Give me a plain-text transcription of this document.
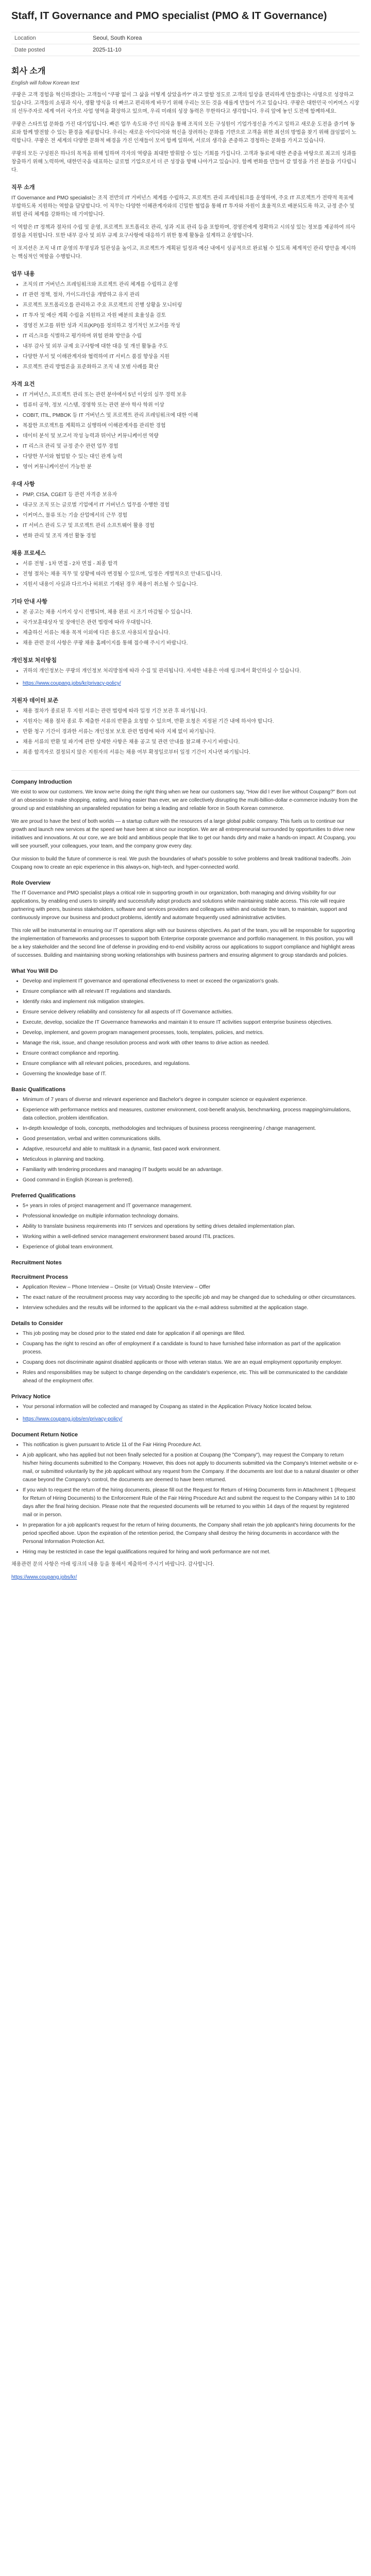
Staff, IT Governance and PMO specialist (PMO & IT Governance)
Location	Seoul, South Korea
Date posted	2025-11-10
회사 소개
English will follow Korean text

쿠팡은 고객 경험을 혁신하겠다는 고객들이 "쿠팡 없이 그 삶을 어떻게 살았을까?" 라고 말할 정도로 고객의 일상을 편리하게 만들겠다는 사명으로 성장하고 있습니다. 고객들의 쇼핑과 식사, 생활 방식을 더 빠르고 편리하게 바꾸기 위해 우리는 모든 것을 새롭게 만들어 가고 있습니다. 쿠팡은 대한민국 이커머스 시장의 선두주자로 세계 여러 국가로 사업 영역을 확장하고 있으며, 우리 미래의 성장 동력은 무한하다고 생각합니다. 우리 앞에 놓인 도전에 함께하세요.

쿠팡은 스타트업 문화를 가진 대기업입니다. 빠른 업무 속도와 주인 의식을 통해 조직의 모든 구성원이 기업가정신을 가지고 일하고 새로운 도전을 즐기며 동료와 함께 발전할 수 있는 환경을 제공합니다. 우리는 새로운 아이디어와 혁신을 장려하는 문화를 기반으로 고객을 위한 최선의 방법을 찾기 위해 끊임없이 노력합니다. 쿠팡은 전 세계의 다양한 문화적 배경을 가진 인재들이 모여 함께 일하며, 서로의 생각을 존중하고 경청하는 문화를 가지고 있습니다.

쿠팡의 모든 구성원은 하나의 목적을 위해 일하며 각자의 역량을 최대한 발휘할 수 있는 기회를 가집니다. 고객과 동료에 대한 존중을 바탕으로 최고의 성과를 창출하기 위해 노력하며, 대한민국을 대표하는 글로벌 기업으로서 더 큰 성장을 향해 나아가고 있습니다. 함께 변화를 만들어 갈 열정을 가진 분들을 기다립니다.

직무 소개

IT Governance and PMO specialist는 조직 전반의 IT 거버넌스 체계를 수립하고, 프로젝트 관리 프레임워크를 운영하며, 주요 IT 프로젝트가 전략적 목표에 부합하도록 지원하는 역할을 담당합니다. 이 직무는 다양한 이해관계자와의 긴밀한 협업을 통해 IT 투자와 자원이 효율적으로 배분되도록 하고, 규정 준수 및 위험 관리 체계를 강화하는 데 기여합니다.

이 역할은 IT 정책과 절차의 수립 및 운영, 프로젝트 포트폴리오 관리, 성과 지표 관리 등을 포함하며, 경영진에게 정확하고 시의성 있는 정보를 제공하여 의사결정을 지원합니다. 또한 내부 감사 및 외부 규제 요구사항에 대응하기 위한 통제 활동을 설계하고 운영합니다.

이 포지션은 조직 내 IT 운영의 투명성과 일관성을 높이고, 프로젝트가 계획된 일정과 예산 내에서 성공적으로 완료될 수 있도록 체계적인 관리 방안을 제시하는 핵심적인 역할을 수행합니다.

업무 내용
• 조직의 IT 거버넌스 프레임워크와 프로젝트 관리 체계를 수립하고 운영
• IT 관련 정책, 절차, 가이드라인을 개발하고 유지 관리
• 프로젝트 포트폴리오를 관리하고 주요 프로젝트의 진행 상황을 모니터링
• IT 투자 및 예산 계획 수립을 지원하고 자원 배분의 효율성을 검토
• 경영진 보고를 위한 성과 지표(KPI)를 정의하고 정기적인 보고서를 작성
• IT 리스크를 식별하고 평가하며 위험 완화 방안을 수립
• 내부 감사 및 외부 규제 요구사항에 대한 대응 및 개선 활동을 주도
• 다양한 부서 및 이해관계자와 협력하여 IT 서비스 품질 향상을 지원
• 프로젝트 관리 방법론을 표준화하고 조직 내 모범 사례를 확산
자격 요건
• IT 거버넌스, 프로젝트 관리 또는 관련 분야에서 5년 이상의 실무 경력 보유
• 컴퓨터 공학, 정보 시스템, 경영학 또는 관련 분야 학사 학위 이상
• COBIT, ITIL, PMBOK 등 IT 거버넌스 및 프로젝트 관리 프레임워크에 대한 이해
• 복잡한 프로젝트를 계획하고 실행하며 이해관계자를 관리한 경험
• 데이터 분석 및 보고서 작성 능력과 뛰어난 커뮤니케이션 역량
• IT 리스크 관리 및 규정 준수 관련 업무 경험
• 다양한 부서와 협업할 수 있는 대인 관계 능력
• 영어 커뮤니케이션이 가능한 분
우대 사항
• PMP, CISA, CGEIT 등 관련 자격증 보유자
• 대규모 조직 또는 글로벌 기업에서 IT 거버넌스 업무를 수행한 경험
• 이커머스, 물류 또는 기술 산업에서의 근무 경험
• IT 서비스 관리 도구 및 프로젝트 관리 소프트웨어 활용 경험
• 변화 관리 및 조직 개선 활동 경험
채용 프로세스
• 서류 전형 - 1차 면접 - 2차 면접 - 최종 합격
• 전형 절차는 채용 직무 및 상황에 따라 변경될 수 있으며, 일정은 개별적으로 안내드립니다.
• 지원서 내용이 사실과 다르거나 허위로 기재된 경우 채용이 취소될 수 있습니다.
기타 안내 사항
• 본 공고는 채용 시까지 상시 진행되며, 채용 완료 시 조기 마감될 수 있습니다.
• 국가보훈대상자 및 장애인은 관련 법령에 따라 우대합니다.
• 제출하신 서류는 채용 목적 이외에 다른 용도로 사용되지 않습니다.
• 채용 관련 문의 사항은 쿠팡 채용 홈페이지를 통해 접수해 주시기 바랍니다.
개인정보 처리방침
• 귀하의 개인정보는 쿠팡의 개인정보 처리방침에 따라 수집 및 관리됩니다. 자세한 내용은 아래 링크에서 확인하실 수 있습니다.
• https://www.coupang.jobs/kr/privacy-policy/
지원자 데이터 보존
• 채용 절차가 종료된 후 지원 서류는 관련 법령에 따라 일정 기간 보관 후 파기됩니다.
• 지원자는 채용 절차 종료 후 제출한 서류의 반환을 요청할 수 있으며, 반환 요청은 지정된 기간 내에 하셔야 합니다.
• 반환 청구 기간이 경과한 서류는 개인정보 보호 관련 법령에 따라 지체 없이 파기됩니다.
• 채용 서류의 반환 및 파기에 관한 상세한 사항은 채용 공고 및 관련 안내를 참고해 주시기 바랍니다.
• 최종 합격자로 결정되지 않은 지원자의 서류는 채용 여부 확정일로부터 일정 기간이 지나면 파기됩니다.
Company Introduction

We exist to wow our customers. We know we're doing the right thing when we hear our customers say, "How did I ever live without Coupang?" Born out of an obsession to make shopping, eating, and living easier than ever, we are collectively disrupting the multi-billion-dollar e-commerce industry from the ground up and establishing an unparalleled reputation for being a leading and reliable force in South Korean commerce.

We are proud to have the best of both worlds — a startup culture with the resources of a large global public company. This fuels us to continue our growth and launch new services at the speed we have been at since our inception. We are all entrepreneurial surrounded by opportunities to drive new initiatives and innovations. At our core, we are bold and ambitious people that like to get our hands dirty and make a hands-on impact. At Coupang, you will see yourself, your colleagues, your team, and the company grow every day.

Our mission to build the future of commerce is real. We push the boundaries of what's possible to solve problems and break traditional tradeoffs. Join Coupang now to create an epic experience in this always-on, high-tech, and hyper-connected world.

Role Overview

The IT Governance and PMO specialist plays a critical role in supporting growth in our organization, both managing and driving visibility for our applications, by enabling end users to simplify and successfully adopt products and solutions while maintaining stable access. This role will require partnering with peers, business stakeholders, software and services providers and colleagues within and outside the team, to maintain, support and continuously improve our business and product problems, identify and automate frequently used administrative activities.

This role will be instrumental in ensuring our IT operations align with our business objectives. As part of the team, you will be responsible for supporting the implementation of frameworks and processes to support both Enterprise corporate governance and portfolio management. In this position, you will be a key stakeholder and the second line of defense in providing end-to-end visibility across our applications to support compliance and highlight areas of successes. Building and maintaining strong working relationships with business partners and ensuring alignment to group standards and policies.

What You Will Do
• Develop and implement IT governance and operational effectiveness to meet or exceed the organization's goals.
• Ensure compliance with all relevant IT regulations and standards.
• Identify risks and implement risk mitigation strategies.
• Ensure service delivery reliability and consistency for all aspects of IT Governance activities.
• Execute, develop, socialize the IT Governance frameworks and maintain it to ensure IT activities support enterprise business objectives.
• Develop, implement, and govern program management processes, tools, templates, policies, and metrics.
• Manage the risk, issue, and change resolution process and work with other teams to drive action as needed.
• Ensure contract compliance and reporting.
• Ensure compliance with all relevant policies, procedures, and regulations.
• Governing the knowledge base of IT.
Basic Qualifications
• Minimum of 7 years of diverse and relevant experience and Bachelor's degree in computer science or equivalent experience.
• Experience with performance metrics and measures, customer environment, cost-benefit analysis, benchmarking, process mapping/simulations, data collection, problem identification.
• In-depth knowledge of tools, concepts, methodologies and techniques of business process reengineering / change management.
• Good presentation, verbal and written communications skills.
• Adaptive, resourceful and able to multitask in a dynamic, fast-paced work environment.
• Meticulous in planning and tracking.
• Familiarity with tendering procedures and managing IT budgets would be an advantage.
• Good command in English (Korean is preferred).
Preferred Qualifications
• 5+ years in roles of project management and IT governance management.
• Professional knowledge on multiple information technology domains.
• Ability to translate business requirements into IT services and operations by setting drives detailed implementation plan.
• Working within a well-defined service management environment based around ITIL practices.
• Experience of global team environment.
Recruitment Notes
Recruitment Process
• Application Review – Phone Interview – Onsite (or Virtual) Onsite Interview – Offer
• The exact nature of the recruitment process may vary according to the specific job and may be changed due to scheduling or other circumstances.
• Interview schedules and the results will be informed to the applicant via the e-mail address submitted at the application stage.
Details to Consider
• This job posting may be closed prior to the stated end date for application if all openings are filled.
• Coupang has the right to rescind an offer of employment if a candidate is found to have furnished false information as part of the application process.
• Coupang does not discriminate against disabled applicants or those with veteran status. We are an equal employment opportunity employer.
• Roles and responsibilities may be subject to change depending on the candidate's experience, etc. This will be communicated to the candidate ahead of the employment offer.
Privacy Notice
• Your personal information will be collected and managed by Coupang as stated in the Application Privacy Notice located below.
• https://www.coupang.jobs/en/privacy-policy/
Document Return Notice
• This notification is given pursuant to Article 11 of the Fair Hiring Procedure Act.
• A job applicant, who has applied but not been finally selected for a position at Coupang (the "Company"), may request the Company to return his/her hiring documents submitted to the Company. However, this does not apply to documents submitted via the Company's Internet website or e-mail, or submitted voluntarily by the job applicant without any request from the Company. If the documents are lost due to a natural disaster or other cause beyond the Company's control, the documents are deemed to have been returned.
• If you wish to request the return of the hiring documents, please fill out the Request for Return of Hiring Documents form in Attachment 1 (Request for Return of Hiring Documents) to the Enforcement Rule of the Fair Hiring Procedure Act and submit the request to the Company within 14 to 180 days after the final hiring decision. Please note that the requested documents will be returned to you within 14 days of the request by registered mail or in person.
• In preparation for a job applicant's request for the return of hiring documents, the Company shall retain the job applicant's hiring documents for the period specified above. Upon the expiration of the retention period, the Company shall destroy the hiring documents in accordance with the Personal Information Protection Act.
• Hiring may be restricted in case the legal qualifications required for hiring and work performance are not met.

채용관련 문의 사항은 아래 링크의 내용 등을 통해서 제출하여 주시기 바랍니다. 감사합니다.

https://www.coupang.jobs/kr/
